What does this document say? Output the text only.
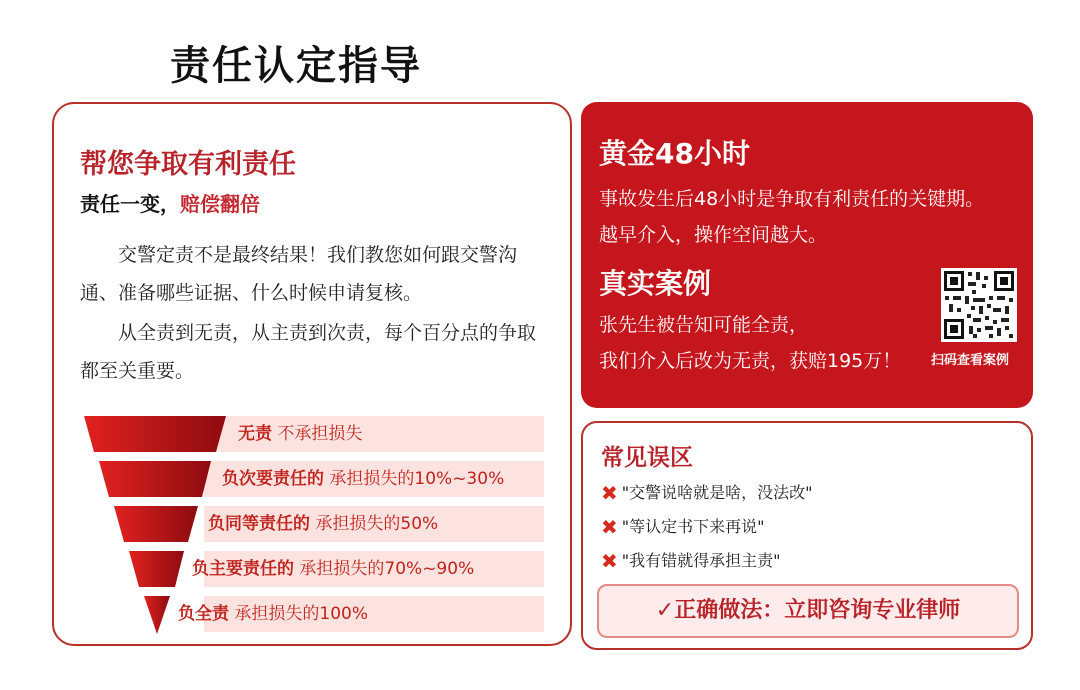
责任认定指导
帮您争取有利责任
责任一变，赔偿翻倍
交警定责不是最终结果！我们教您如何跟交警沟通、准备哪些证据、什么时候申请复核。
从全责到无责，从主责到次责，每个百分点的争取都至关重要。
无责 不承担损失
负次要责任的 承担损失的10%~30%
负同等责任的 承担损失的50%
负主要责任的 承担损失的70%~90%
负全责 承担损失的100%
黄金48小时
事故发生后48小时是争取有利责任的关键期。
越早介入，操作空间越大。
真实案例
张先生被告知可能全责，
我们介入后改为无责，获赔195万！ 扫码查看案例
常见误区
✖ "交警说啥就是啥，没法改"
✖ "等认定书下来再说"
✖ "我有错就得承担主责"
✓正确做法：立即咨询专业律师
